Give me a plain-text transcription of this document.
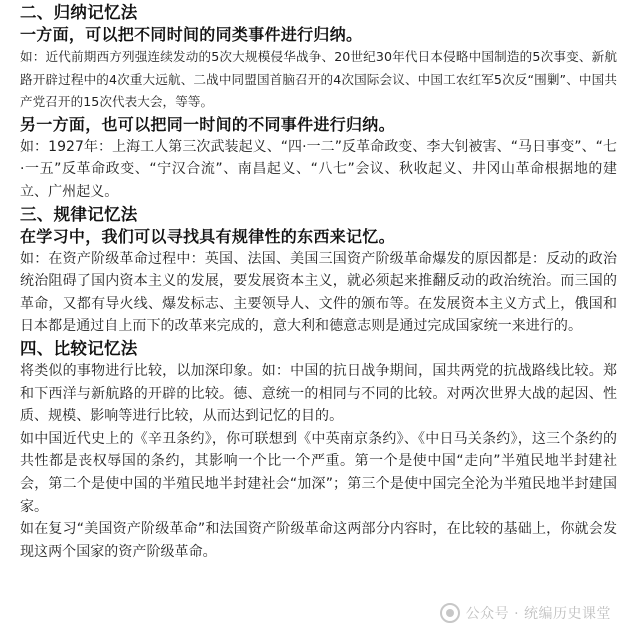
二、归纳记忆法

一方面，可以把不同时间的同类事件进行归纳。

如：近代前期西方列强连续发动的5次大规模侵华战争、20世纪30年代日本侵略中国制造的5次事变、新航路开辟过程中的4次重大远航、二战中同盟国首脑召开的4次国际会议、中国工农红军5次反“围剿”、中国共产党召开的15次代表大会，等等。

另一方面，也可以把同一时间的不同事件进行归纳。

如：1927年：上海工人第三次武装起义、“四·一二”反革命政变、李大钊被害、“马日事变”、“七·一五”反革命政变、“宁汉合流”、南昌起义、“八七”会议、秋收起义、井冈山革命根据地的建立、广州起义。

三、规律记忆法

在学习中，我们可以寻找具有规律性的东西来记忆。

如：在资产阶级革命过程中：英国、法国、美国三国资产阶级革命爆发的原因都是：反动的政治统治阻碍了国内资本主义的发展，要发展资本主义，就必须起来推翻反动的政治统治。而三国的革命，又都有导火线、爆发标志、主要领导人、文件的颁布等。在发展资本主义方式上，俄国和日本都是通过自上而下的改革来完成的，意大利和德意志则是通过完成国家统一来进行的。

四、比较记忆法

将类似的事物进行比较，以加深印象。如：中国的抗日战争期间，国共两党的抗战路线比较。郑和下西洋与新航路的开辟的比较。德、意统一的相同与不同的比较。对两次世界大战的起因、性质、规模、影响等进行比较，从而达到记忆的目的。

如中国近代史上的《辛丑条约》，你可联想到《中英南京条约》、《中日马关条约》，这三个条约的共性都是丧权辱国的条约，其影响一个比一个严重。第一个是使中国“走向”半殖民地半封建社会，第二个是使中国的半殖民地半封建社会“加深”；第三个是使中国完全沦为半殖民地半封建国家。

如在复习“美国资产阶级革命”和法国资产阶级革命这两部分内容时，在比较的基础上，你就会发现这两个国家的资产阶级革命。

公众号 · 统编历史课堂
